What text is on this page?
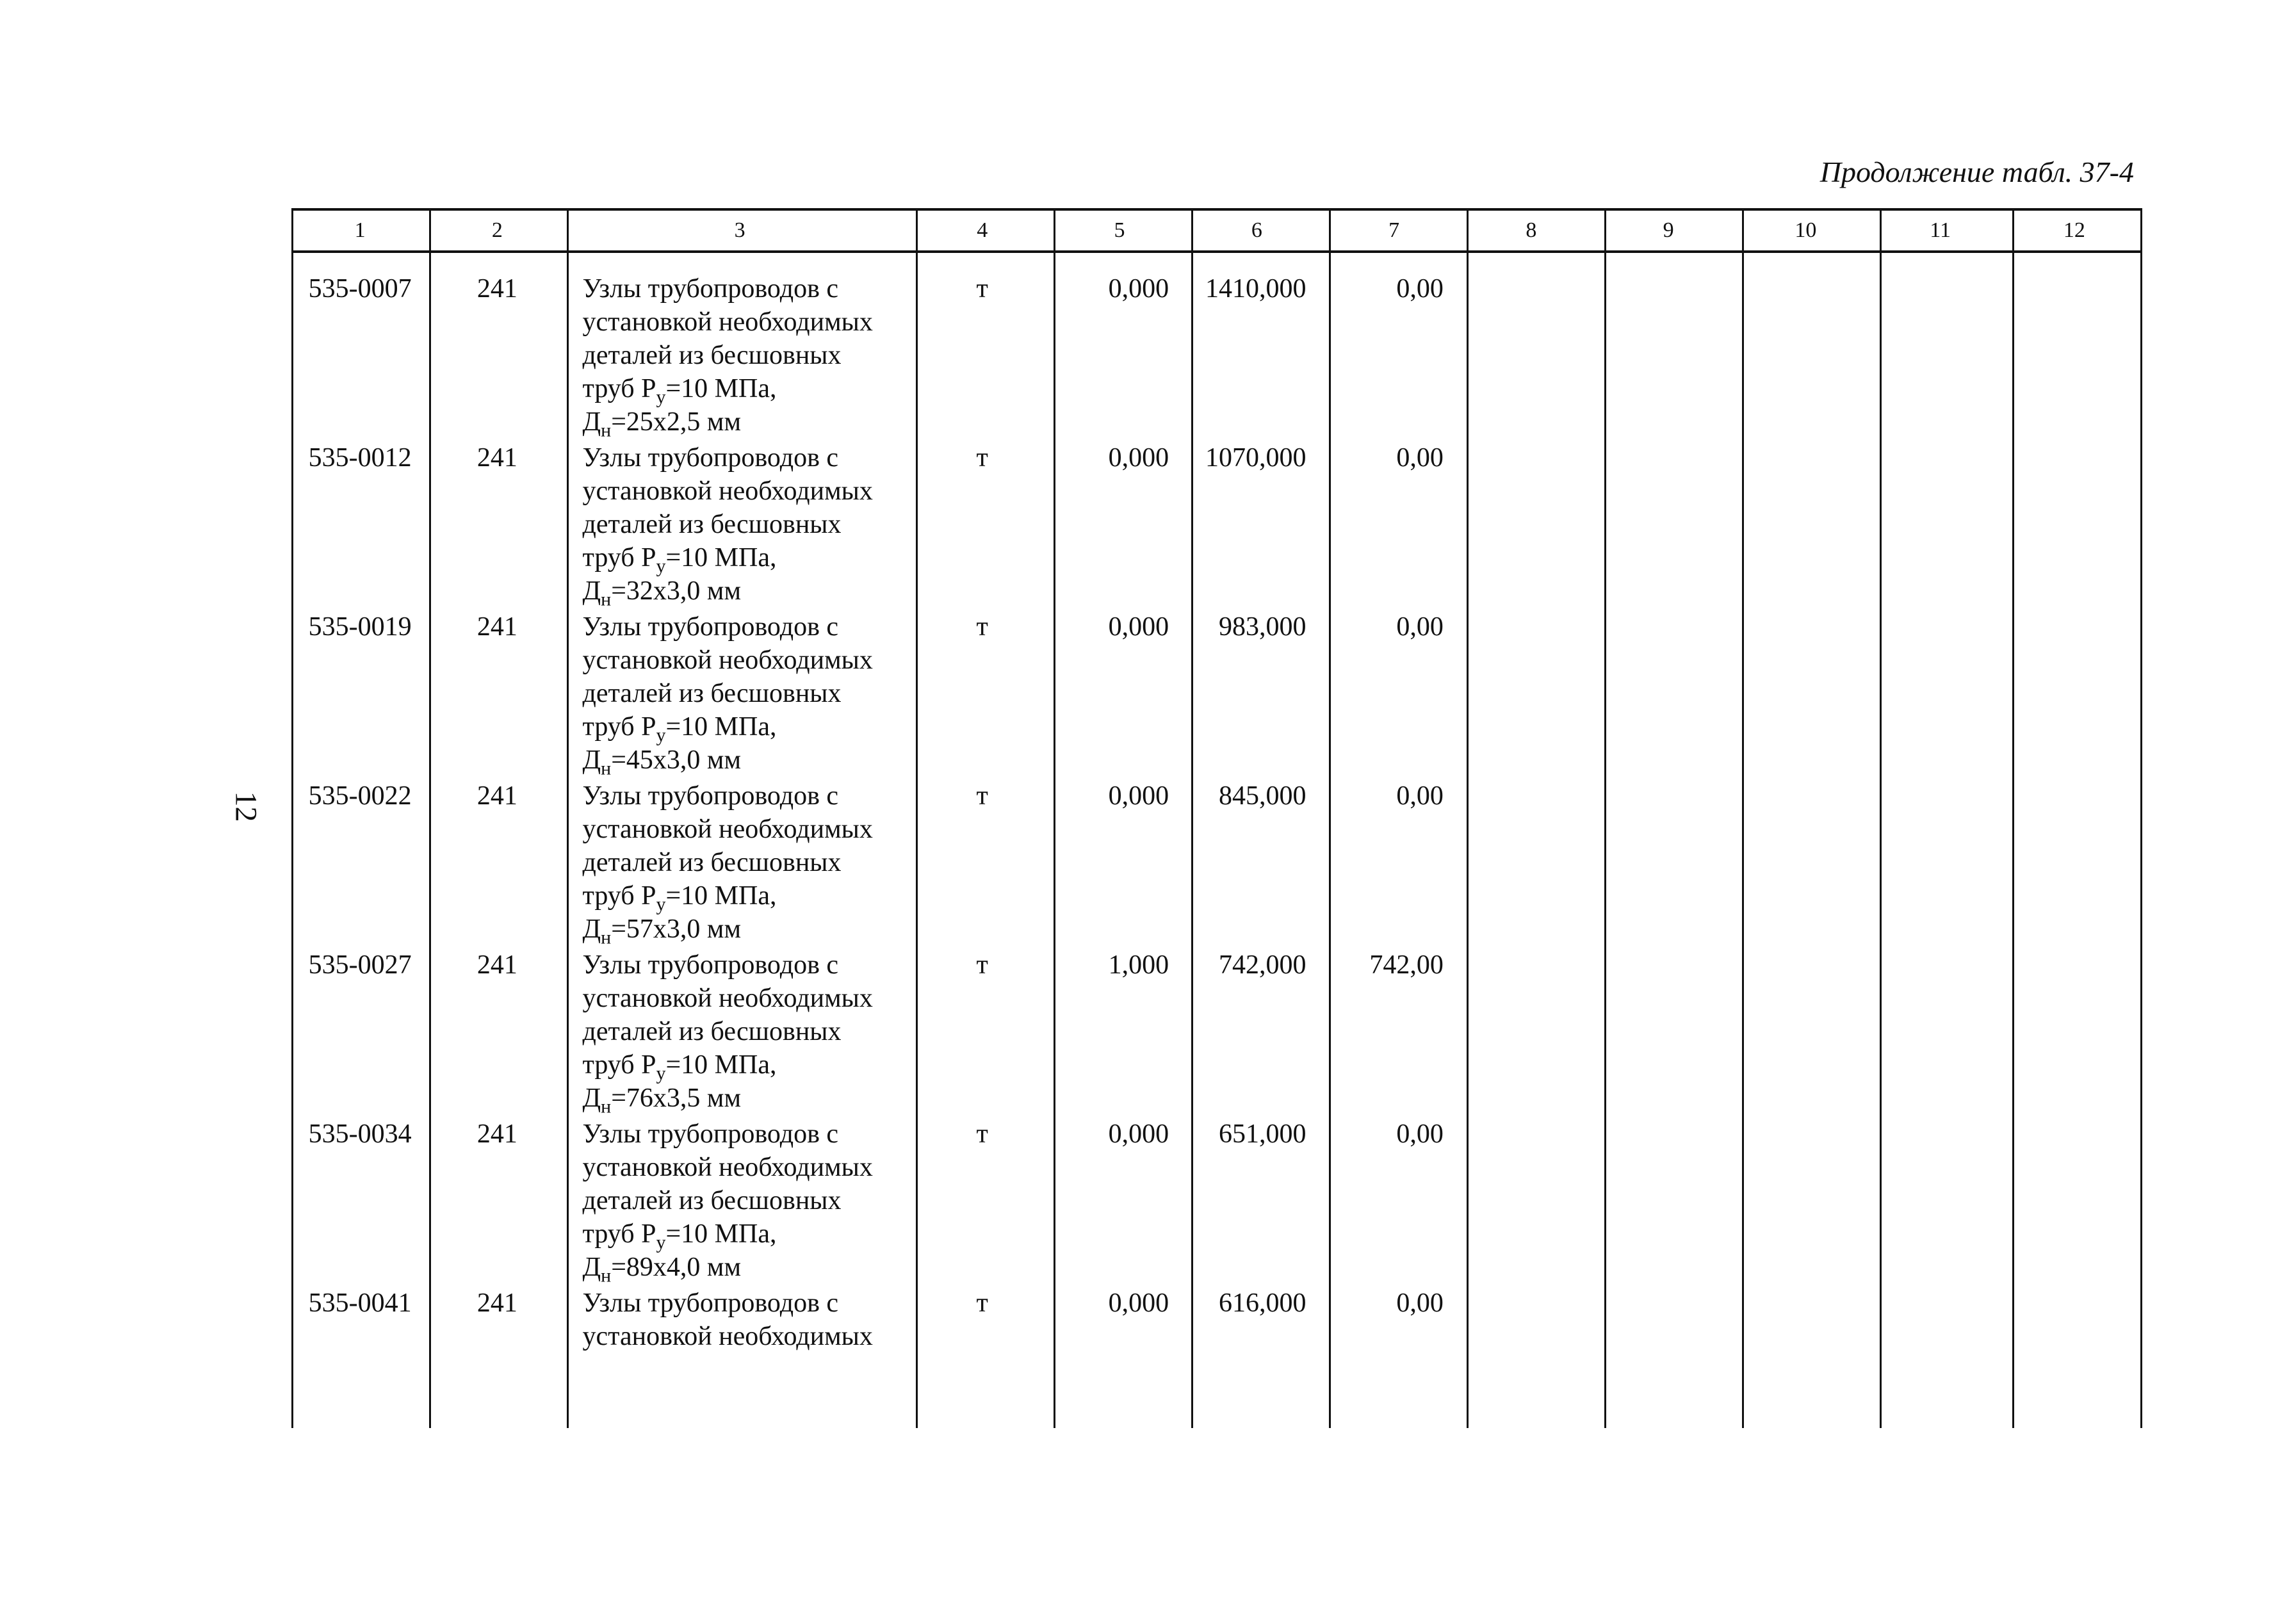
Продолжение табл. 37-4
12
1	2	3	4	5	6	7	8	9	10	11	12
535-0007	241	Узлы трубопроводов с
установкой необходимых
деталей из бесшовных
труб $Р_у=10$ МПа,
$Д_н=25x2,5$ мм
т	0,000	1410,000	0,00
535-0012	241	Узлы трубопроводов с
установкой необходимых
деталей из бесшовных
труб $Р_у=10$ МПа,
$Д_н=32x3,0$ мм
т	0,000	1070,000	0,00
535-0019	241	Узлы трубопроводов с
установкой необходимых
деталей из бесшовных
труб $Р_у=10$ МПа,
$Д_н=45x3,0$ мм
т	0,000	983,000	0,00
535-0022	241	Узлы трубопроводов с
установкой необходимых
деталей из бесшовных
труб $Р_у=10$ МПа,
$Д_н=57x3,0$ мм
т	0,000	845,000	0,00
535-0027	241	Узлы трубопроводов с
установкой необходимых
деталей из бесшовных
труб $Р_у=10$ МПа,
$Д_н=76x3,5$ мм
т	1,000	742,000	742,00
535-0034	241	Узлы трубопроводов с
установкой необходимых
деталей из бесшовных
труб $Р_у=10$ МПа,
$Д_н=89x4,0$ мм
т	0,000	651,000	0,00
535-0041	241	Узлы трубопроводов с
установкой необходимых
т	0,000	616,000	0,00
